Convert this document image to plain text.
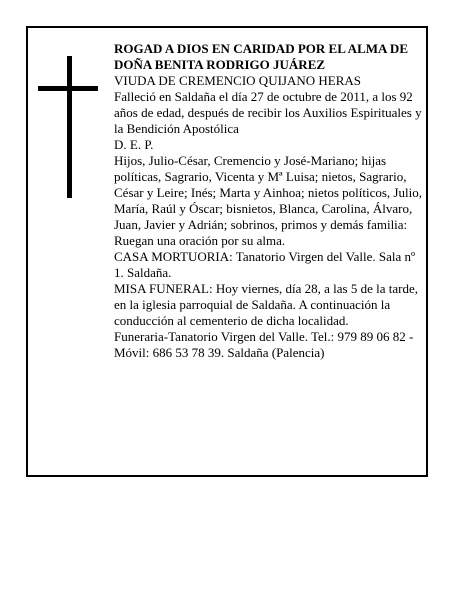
ROGAD A DIOS EN CARIDAD POR EL ALMA DE

DOÑA BENITA RODRIGO JUÁREZ

VIUDA DE CREMENCIO QUIJANO HERAS

Falleció en Saldaña el día 27 de octubre de 2011, a los 92 años de edad, después de recibir los Auxilios Espirituales y la Bendición Apostólica

D. E. P.

Hijos, Julio-César, Cremencio y José-Mariano; hijas políticas, Sagrario, Vicenta y Mª Luisa; nietos, Sagrario, César y Leire; Inés; Marta y Ainhoa; nietos políticos, Julio, María, Raúl y Óscar; bisnietos, Blanca, Carolina, Álvaro, Juan, Javier y Adrián; sobrinos, primos y demás familia:

Ruegan una oración por su alma.

CASA MORTUORIA: Tanatorio Virgen del Valle. Sala nº 1. Saldaña.

MISA FUNERAL: Hoy viernes, día 28, a las 5 de la tarde, en la iglesia parroquial de Saldaña. A continuación la conducción al cementerio de dicha localidad.

Funeraria-Tanatorio Virgen del Valle. Tel.: 979 89 06 82 - Móvil: 686 53 78 39. Saldaña (Palencia)
